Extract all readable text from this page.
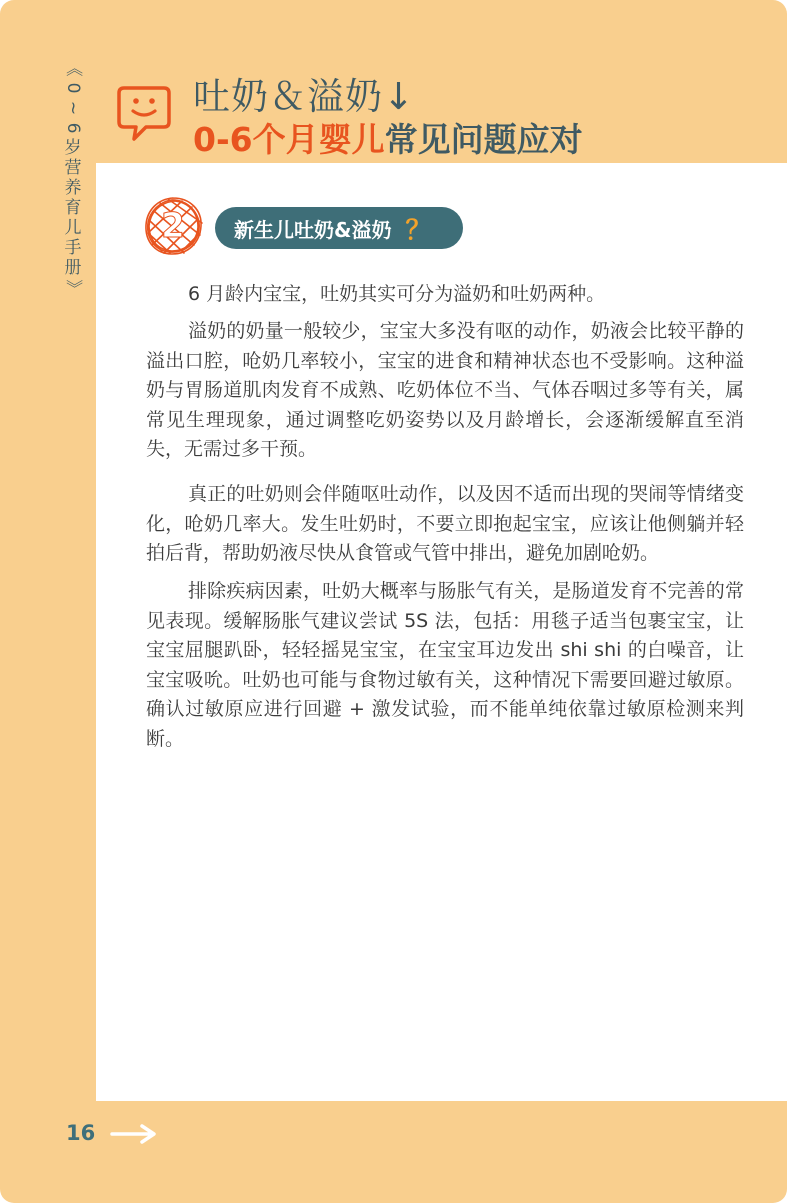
《
0
~
6
岁
营
养
育
儿
手
册
》
吐奶＆溢奶↓
0-6个月婴儿常见问题应对
2 新生儿吐奶&溢奶 ？

6 月龄内宝宝，吐奶其实可分为溢奶和吐奶两种。

溢奶的奶量一般较少，宝宝大多没有呕的动作，奶液会比较平静的溢出口腔，呛奶几率较小，宝宝的进食和精神状态也不受影响。这种溢奶与胃肠道肌肉发育不成熟、吃奶体位不当、气体吞咽过多等有关，属常见生理现象，通过调整吃奶姿势以及月龄增长，会逐渐缓解直至消失，无需过多干预。

真正的吐奶则会伴随呕吐动作，以及因不适而出现的哭闹等情绪变化，呛奶几率大。发生吐奶时，不要立即抱起宝宝，应该让他侧躺并轻拍后背，帮助奶液尽快从食管或气管中排出，避免加剧呛奶。

排除疾病因素，吐奶大概率与肠胀气有关，是肠道发育不完善的常见表现。缓解肠胀气建议尝试 5S 法，包括：用毯子适当包裹宝宝，让宝宝屈腿趴卧，轻轻摇晃宝宝，在宝宝耳边发出 shi shi 的白噪音，让宝宝吸吮。吐奶也可能与食物过敏有关，这种情况下需要回避过敏原。确认过敏原应进行回避 + 激发试验，而不能单纯依靠过敏原检测来判断。

16
